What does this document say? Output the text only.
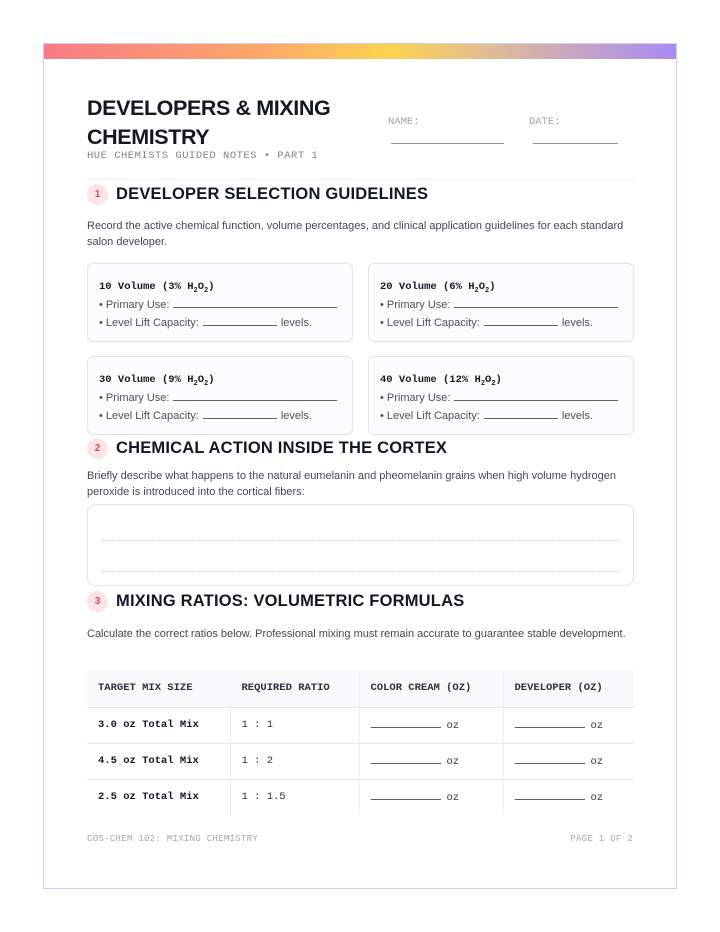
DEVELOPERS & MIXING CHEMISTRY
HUE CHEMISTS GUIDED NOTES • PART 1
NAME:	DATE:
1 DEVELOPER SELECTION GUIDELINES
Record the active chemical function, volume percentages, and clinical application guidelines for each standard salon developer.
10 Volume (3% $H_2O_2$)
• Primary Use:
• Level Lift Capacity:	levels.
20 Volume (6% $H_2O_2$)
• Primary Use:
• Level Lift Capacity:	levels.
30 Volume (9% $H_2O_2$)
• Primary Use:
• Level Lift Capacity:	levels.
40 Volume (12% $H_2O_2$)
• Primary Use:
• Level Lift Capacity:	levels.
2 CHEMICAL ACTION INSIDE THE CORTEX
Briefly describe what happens to the natural eumelanin and pheomelanin grains when high volume hydrogen peroxide is introduced into the cortical fibers:
3 MIXING RATIOS: VOLUMETRIC FORMULAS
Calculate the correct ratios below. Professional mixing must remain accurate to guarantee stable development.
TARGET MIX SIZE	REQUIRED RATIO	COLOR CREAM (OZ)	DEVELOPER (OZ)
3.0 oz Total Mix	1 : 1	oz	oz
4.5 oz Total Mix	1 : 2	oz	oz
2.5 oz Total Mix	1 : 1.5	oz	oz
COS-CHEM 102: MIXING CHEMISTRY	PAGE 1 OF 2
